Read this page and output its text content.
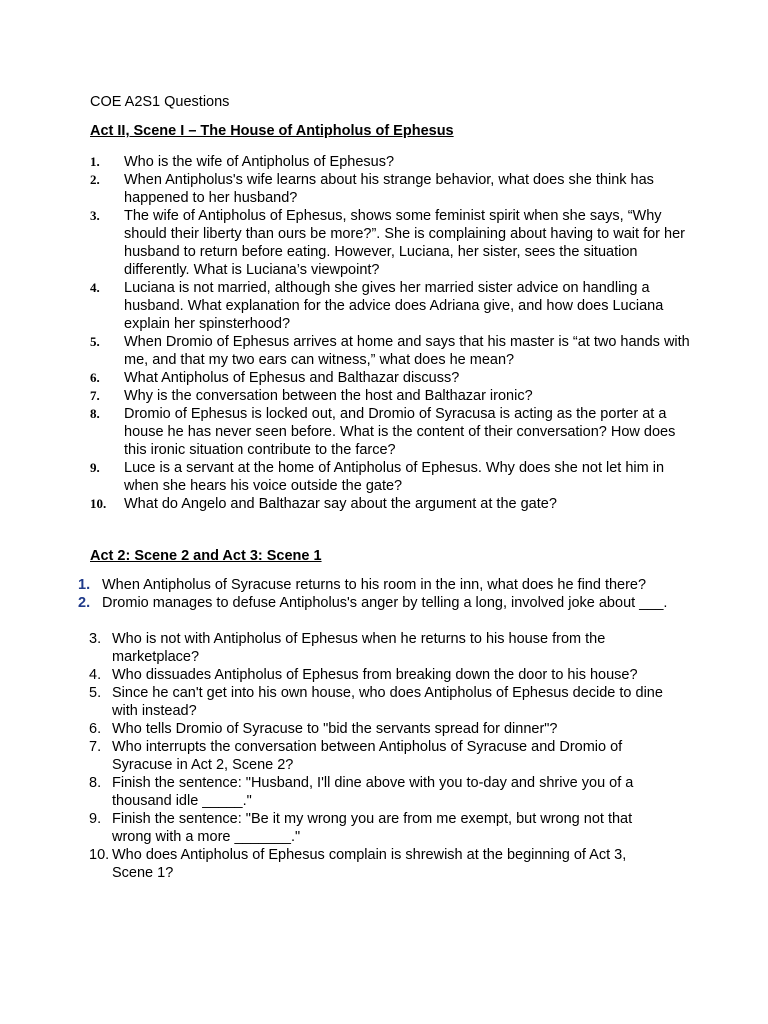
COE A2S1 Questions
Act II, Scene I – The House of Antipholus of Ephesus
1. Who is the wife of Antipholus of Ephesus?
2. When Antipholus's wife learns about his strange behavior, what does she think has happened to her husband?
3. The wife of Antipholus of Ephesus, shows some feminist spirit when she says, “Why should their liberty than ours be more?”. She is complaining about having to wait for her husband to return before eating. However, Luciana, her sister, sees the situation differently. What is Luciana’s viewpoint?
4. Luciana is not married, although she gives her married sister advice on handling a husband. What explanation for the advice does Adriana give, and how does Luciana explain her spinsterhood?
5. When Dromio of Ephesus arrives at home and says that his master is “at two hands with me, and that my two ears can witness,” what does he mean?
6. What Antipholus of Ephesus and Balthazar discuss?
7. Why is the conversation between the host and Balthazar ironic?
8. Dromio of Ephesus is locked out, and Dromio of Syracusa is acting as the porter at a house he has never seen before. What is the content of their conversation? How does this ironic situation contribute to the farce?
9. Luce is a servant at the home of Antipholus of Ephesus. Why does she not let him in when she hears his voice outside the gate?
10. What do Angelo and Balthazar say about the argument at the gate?
Act 2: Scene 2 and Act 3: Scene 1
1. When Antipholus of Syracuse returns to his room in the inn, what does he find there?
2. Dromio manages to defuse Antipholus's anger by telling a long, involved joke about ___.
3. Who is not with Antipholus of Ephesus when he returns to his house from the marketplace?
4. Who dissuades Antipholus of Ephesus from breaking down the door to his house?
5. Since he can't get into his own house, who does Antipholus of Ephesus decide to dine with instead?
6. Who tells Dromio of Syracuse to "bid the servants spread for dinner"?
7. Who interrupts the conversation between Antipholus of Syracuse and Dromio of Syracuse in Act 2, Scene 2?
8. Finish the sentence: "Husband, I'll dine above with you to-day and shrive you of a thousand idle _____."
9. Finish the sentence: "Be it my wrong you are from me exempt, but wrong not that wrong with a more _______."
10. Who does Antipholus of Ephesus complain is shrewish at the beginning of Act 3, Scene 1?
